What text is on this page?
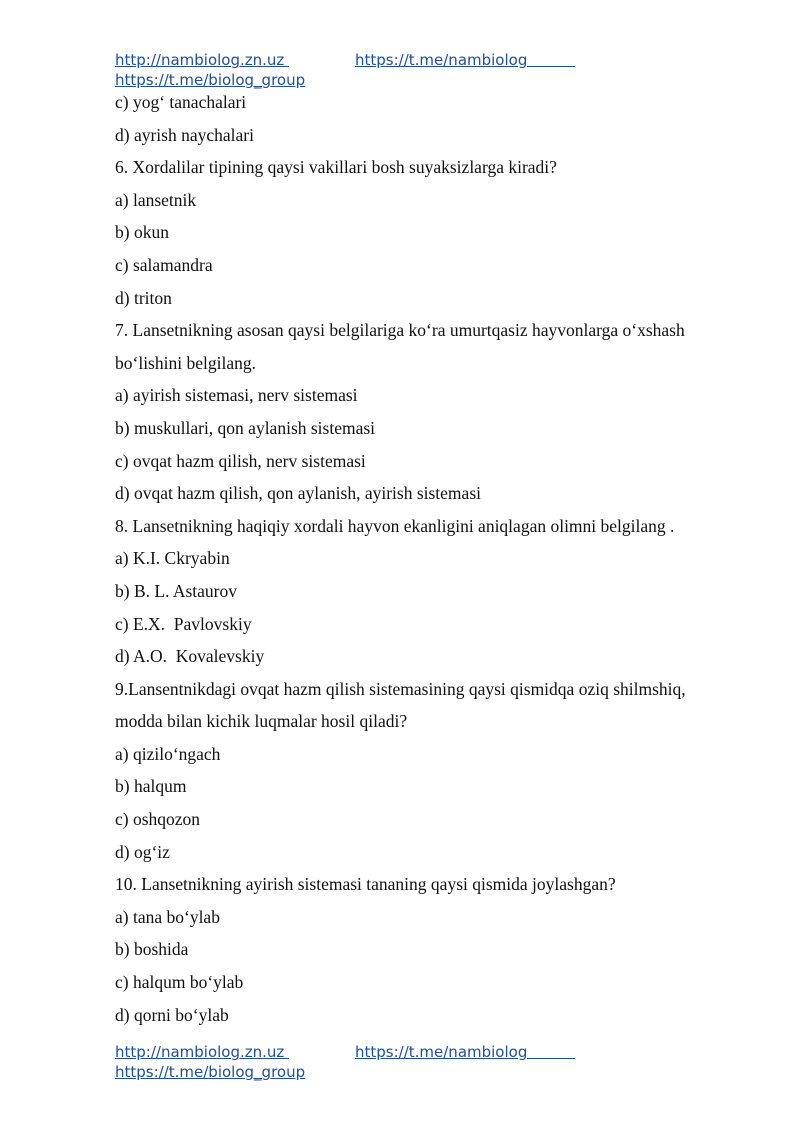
http://nambiolog.zn.uz	https://t.me/nambiolog
https://t.me/biolog_group
c) yog‘ tanachalari
d) ayrish naychalari
6. Xordalilar tipining qaysi vakillari bosh suyaksizlarga kiradi?
a) lansetnik
b) okun
c) salamandra
d) triton
7. Lansetnikning asosan qaysi belgilariga ko‘ra umurtqasiz hayvonlarga o‘xshash
bo‘lishini belgilang.
a) ayirish sistemasi, nerv sistemasi
b) muskullari, qon aylanish sistemasi
c) ovqat hazm qilish, nerv sistemasi
d) ovqat hazm qilish, qon aylanish, ayirish sistemasi
8. Lansetnikning haqiqiy xordali hayvon ekanligini aniqlagan olimni belgilang .
a) K.I. Ckryabin
b) B. L. Astaurov
c) E.X.  Pavlovskiy
d) A.O.  Kovalevskiy
9.Lansentnikdagi ovqat hazm qilish sistemasining qaysi qismidqa oziq shilmshiq,
modda bilan kichik luqmalar hosil qiladi?
a) qizilo‘ngach
b) halqum
c) oshqozon
d) og‘iz
10. Lansetnikning ayirish sistemasi tananing qaysi qismida joylashgan?
a) tana bo‘ylab
b) boshida
c) halqum bo‘ylab
d) qorni bo‘ylab
http://nambiolog.zn.uz	https://t.me/nambiolog
https://t.me/biolog_group
